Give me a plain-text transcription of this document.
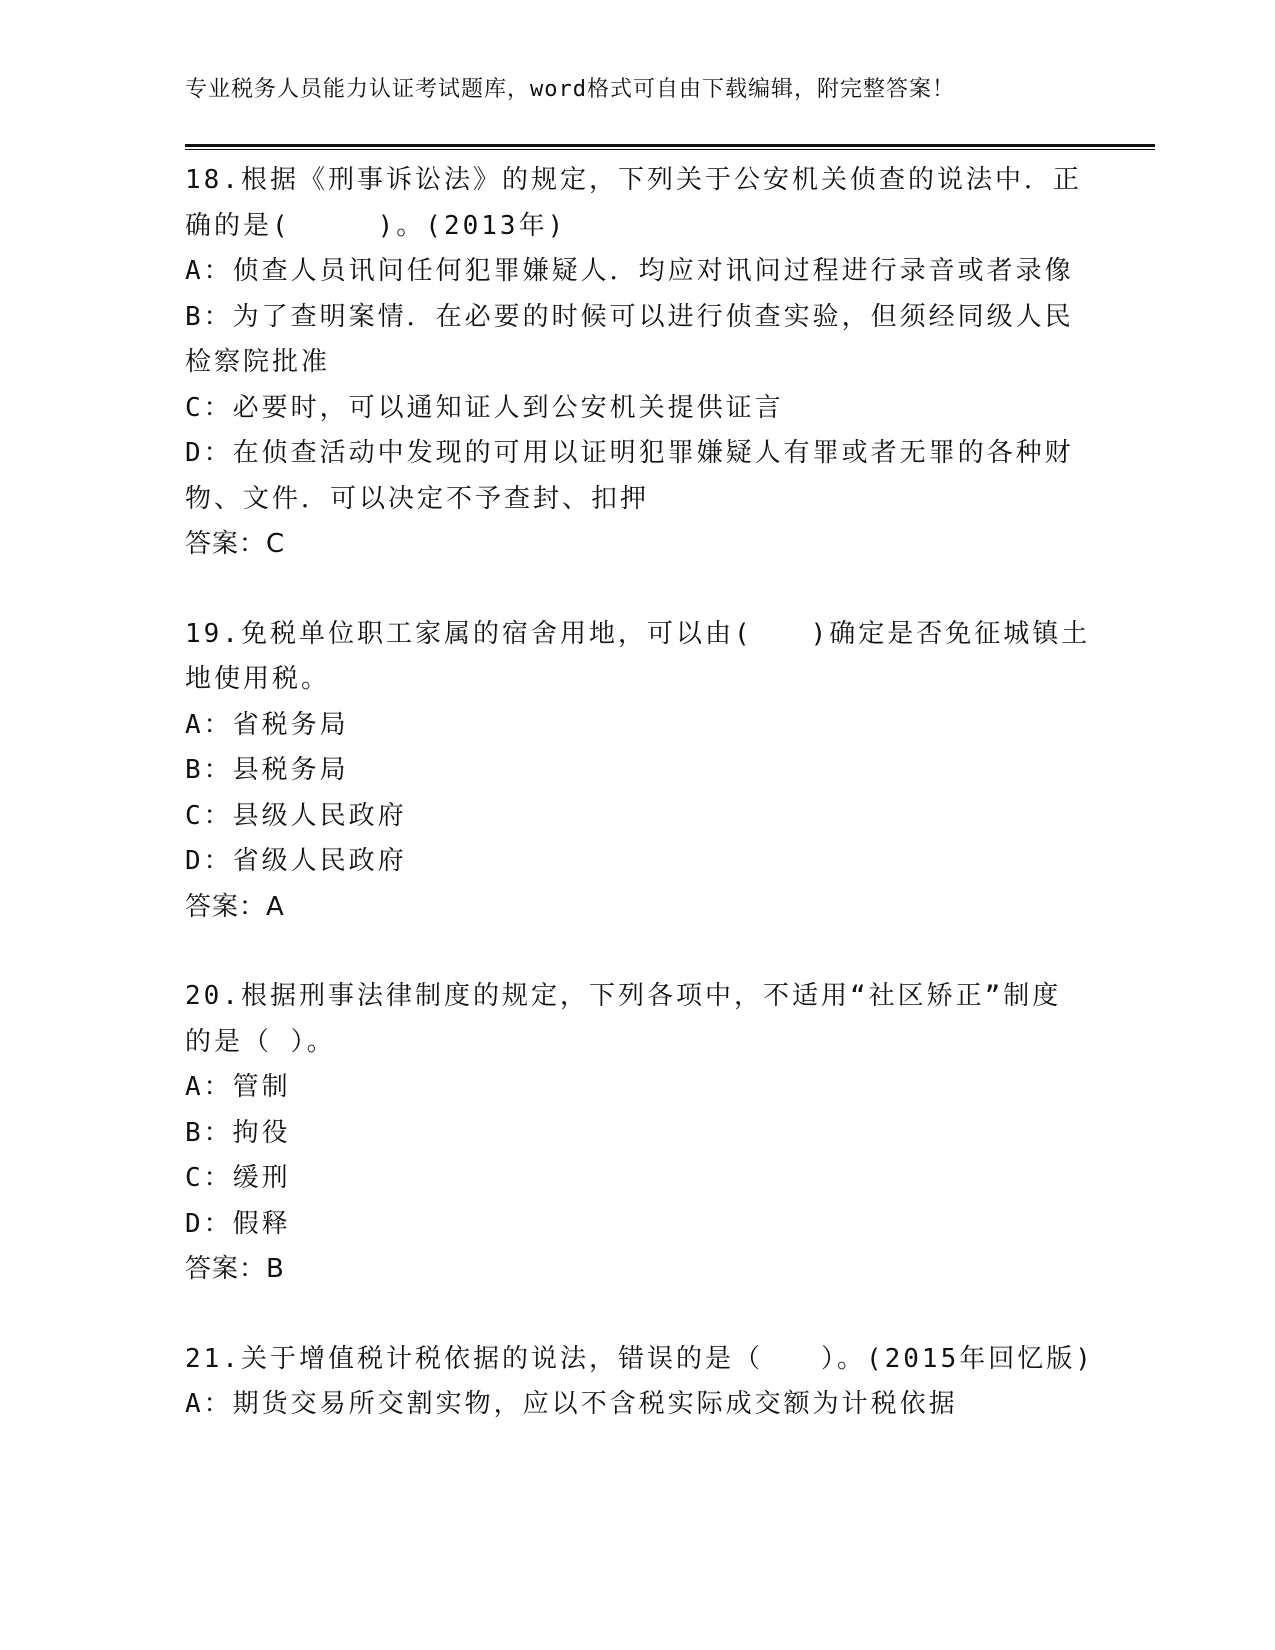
专业税务人员能力认证考试题库，word格式可自由下载编辑，附完整答案！
18.根据《刑事诉讼法》的规定，下列关于公安机关侦查的说法中．正
确的是(　　　)。(2013年)
A：侦查人员讯问任何犯罪嫌疑人．均应对讯问过程进行录音或者录像
B：为了查明案情．在必要的时候可以进行侦查实验，但须经同级人民
检察院批准
C：必要时，可以通知证人到公安机关提供证言
D：在侦查活动中发现的可用以证明犯罪嫌疑人有罪或者无罪的各种财
物、文件．可以决定不予查封、扣押
答案：C
19.免税单位职工家属的宿舍用地，可以由(　　)确定是否免征城镇土
地使用税。
A：省税务局
B：县税务局
C：县级人民政府
D：省级人民政府
答案：A
20.根据刑事法律制度的规定，下列各项中，不适用“社区矫正”制度
的是（ ）。
A：管制
B：拘役
C：缓刑
D：假释
答案：B
21.关于增值税计税依据的说法，错误的是（　　）。(2015年回忆版)
A：期货交易所交割实物，应以不含税实际成交额为计税依据
